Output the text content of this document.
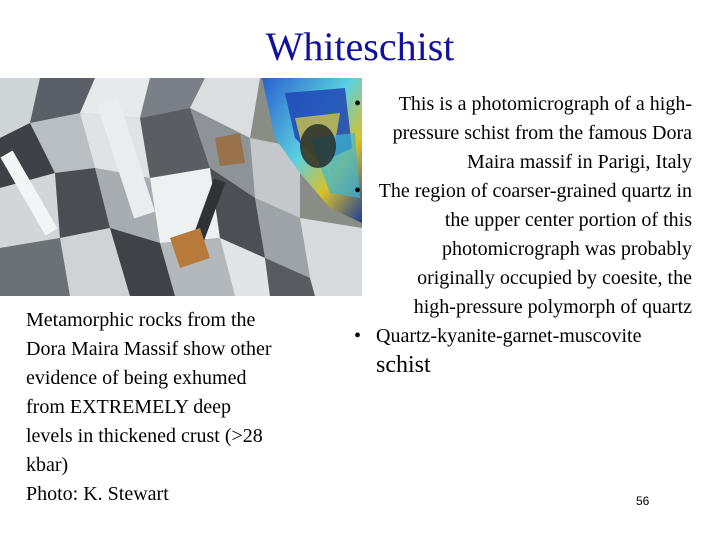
Whiteschist
Metamorphic rocks from the
Dora Maira Massif show other
evidence of being exhumed
from EXTREMELY deep
levels in thickened crust (>28
kbar)
Photo: K. Stewart
•	This is a photomicrograph of a high-pressure schist from the famous Dora Maira massif in Parigi, Italy
• The region of coarser-grained quartz in the upper center portion of this photomicrograph was probably originally occupied by coesite, the high-pressure polymorph of quartz
• Quartz-kyanite-garnet-muscovite schist
56
